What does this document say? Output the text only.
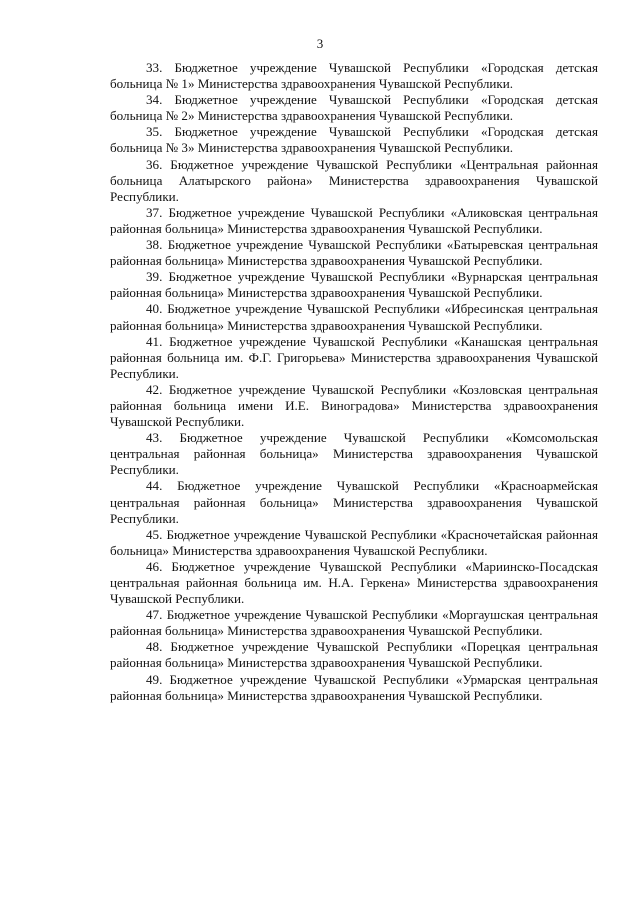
3

33. Бюджетное учреждение Чувашской Республики «Городская детская больница № 1» Министерства здравоохранения Чувашской Республики.

34. Бюджетное учреждение Чувашской Республики «Городская детская больница № 2» Министерства здравоохранения Чувашской Республики.

35. Бюджетное учреждение Чувашской Республики «Городская детская больница № 3» Министерства здравоохранения Чувашской Республики.

36. Бюджетное учреждение Чувашской Республики «Центральная районная больница Алатырского района» Министерства здравоохранения Чувашской Республики.

37. Бюджетное учреждение Чувашской Республики «Аликовская центральная районная больница» Министерства здравоохранения Чувашской Республики.

38. Бюджетное учреждение Чувашской Республики «Батыревская центральная районная больница» Министерства здравоохранения Чувашской Республики.

39. Бюджетное учреждение Чувашской Республики «Вурнарская центральная районная больница» Министерства здравоохранения Чувашской Республики.

40. Бюджетное учреждение Чувашской Республики «Ибресинская центральная районная больница» Министерства здравоохранения Чувашской Республики.

41. Бюджетное учреждение Чувашской Республики «Канашская центральная районная больница им. Ф.Г. Григорьева» Министерства здравоохранения Чувашской Республики.

42. Бюджетное учреждение Чувашской Республики «Козловская центральная районная больница имени И.Е. Виноградова» Министерства здравоохранения Чувашской Республики.

43. Бюджетное учреждение Чувашской Республики «Комсомольская центральная районная больница» Министерства здравоохранения Чувашской Республики.

44. Бюджетное учреждение Чувашской Республики «Красноармейская центральная районная больница» Министерства здравоохранения Чувашской Республики.

45. Бюджетное учреждение Чувашской Республики «Красночетайская районная больница» Министерства здравоохранения Чувашской Республики.

46. Бюджетное учреждение Чувашской Республики «Мариинско-Посадская центральная районная больница им. Н.А. Геркена» Министерства здравоохранения Чувашской Республики.

47. Бюджетное учреждение Чувашской Республики «Моргаушская центральная районная больница» Министерства здравоохранения Чувашской Республики.

48. Бюджетное учреждение Чувашской Республики «Порецкая центральная районная больница» Министерства здравоохранения Чувашской Республики.

49. Бюджетное учреждение Чувашской Республики «Урмарская центральная районная больница» Министерства здравоохранения Чувашской Республики.
